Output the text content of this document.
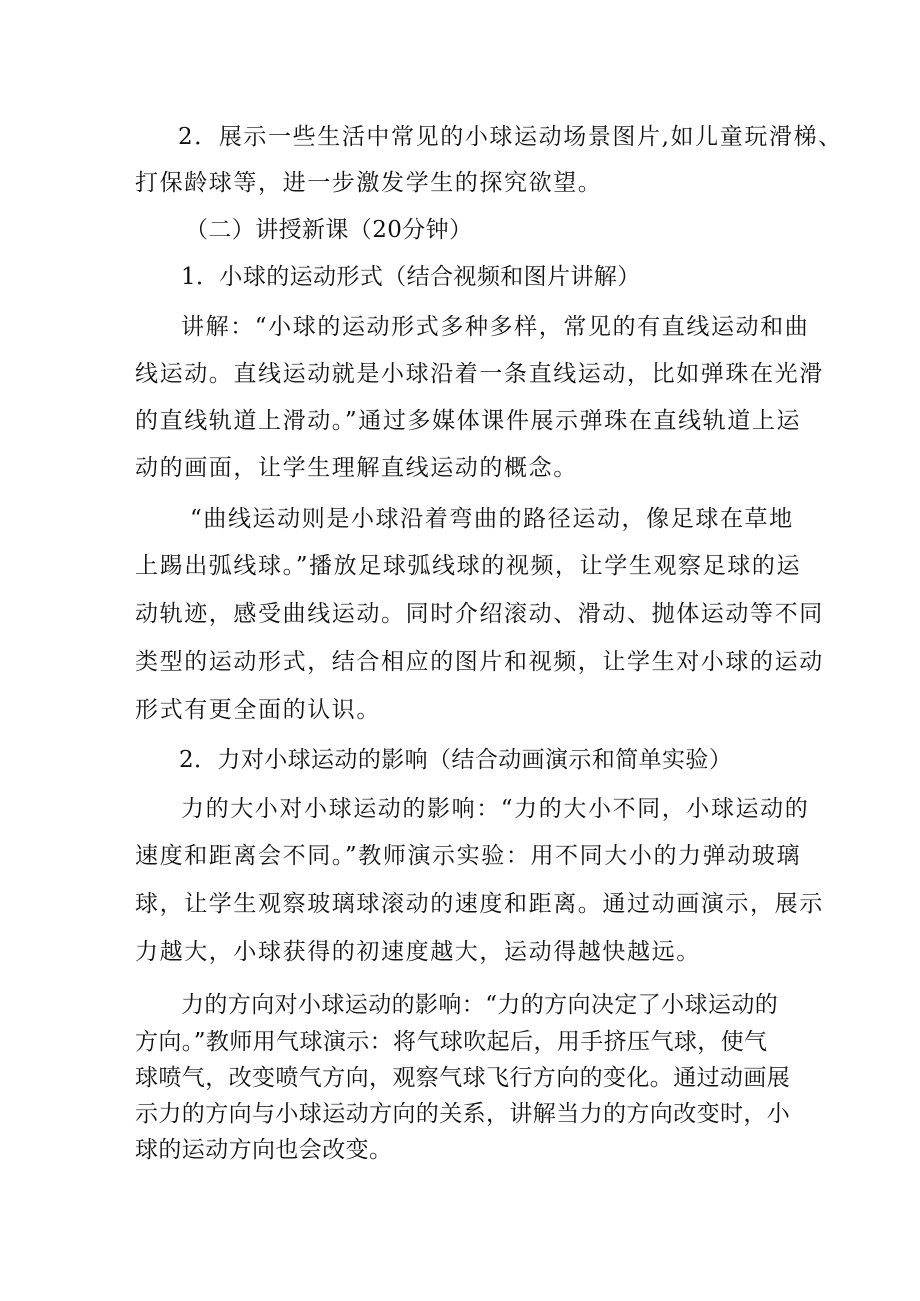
2．展示一些生活中常见的小球运动场景图片,如儿童玩滑梯、
打保龄球等，进一步激发学生的探究欲望。
（二）讲授新课（20分钟）
1．小球的运动形式（结合视频和图片讲解）
讲解：“小球的运动形式多种多样，常见的有直线运动和曲
线运动。直线运动就是小球沿着一条直线运动，比如弹珠在光滑
的直线轨道上滑动。”通过多媒体课件展示弹珠在直线轨道上运
动的画面，让学生理解直线运动的概念。
“曲线运动则是小球沿着弯曲的路径运动，像足球在草地
上踢出弧线球。”播放足球弧线球的视频，让学生观察足球的运
动轨迹，感受曲线运动。同时介绍滚动、滑动、抛体运动等不同
类型的运动形式，结合相应的图片和视频，让学生对小球的运动
形式有更全面的认识。
2．力对小球运动的影响（结合动画演示和简单实验）
力的大小对小球运动的影响：“力的大小不同，小球运动的
速度和距离会不同。”教师演示实验：用不同大小的力弹动玻璃
球，让学生观察玻璃球滚动的速度和距离。通过动画演示，展示
力越大，小球获得的初速度越大，运动得越快越远。
力的方向对小球运动的影响：“力的方向决定了小球运动的
方向。”教师用气球演示：将气球吹起后，用手挤压气球，使气
球喷气，改变喷气方向，观察气球飞行方向的变化。通过动画展
示力的方向与小球运动方向的关系，讲解当力的方向改变时，小
球的运动方向也会改变。
